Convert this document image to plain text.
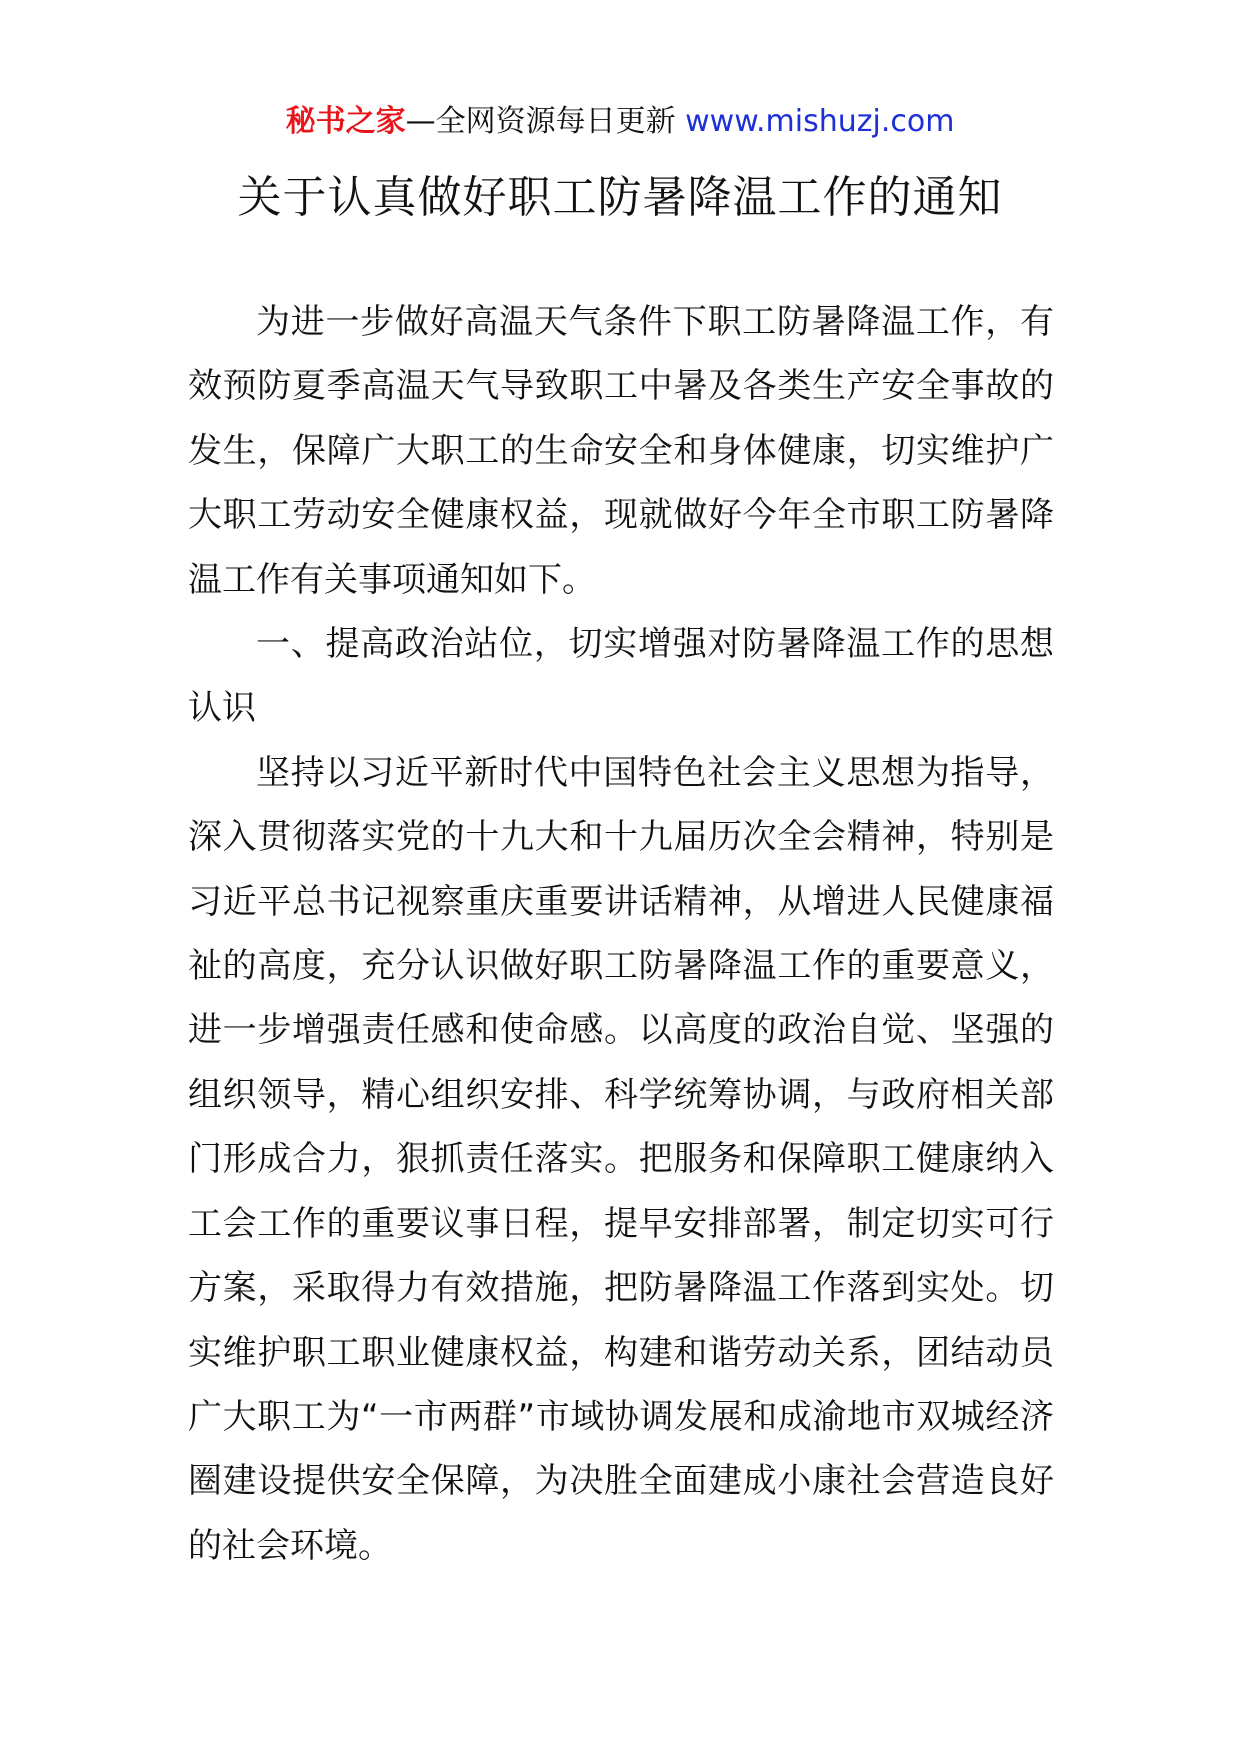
秘书之家—全网资源每日更新 www.mishuzj.com
关于认真做好职工防暑降温工作的通知

为进一步做好高温天气条件下职工防暑降温工作，有效预防夏季高温天气导致职工中暑及各类生产安全事故的发生，保障广大职工的生命安全和身体健康，切实维护广大职工劳动安全健康权益，现就做好今年全市职工防暑降温工作有关事项通知如下。

一、提高政治站位，切实增强对防暑降温工作的思想认识

坚持以习近平新时代中国特色社会主义思想为指导，深入贯彻落实党的十九大和十九届历次全会精神，特别是习近平总书记视察重庆重要讲话精神，从增进人民健康福祉的高度，充分认识做好职工防暑降温工作的重要意义，进一步增强责任感和使命感。以高度的政治自觉、坚强的组织领导，精心组织安排、科学统筹协调，与政府相关部门形成合力，狠抓责任落实。把服务和保障职工健康纳入工会工作的重要议事日程，提早安排部署，制定切实可行方案，采取得力有效措施，把防暑降温工作落到实处。切实维护职工职业健康权益，构建和谐劳动关系，团结动员广大职工为“一市两群”市域协调发展和成渝地市双城经济圈建设提供安全保障，为决胜全面建成小康社会营造良好的社会环境。
